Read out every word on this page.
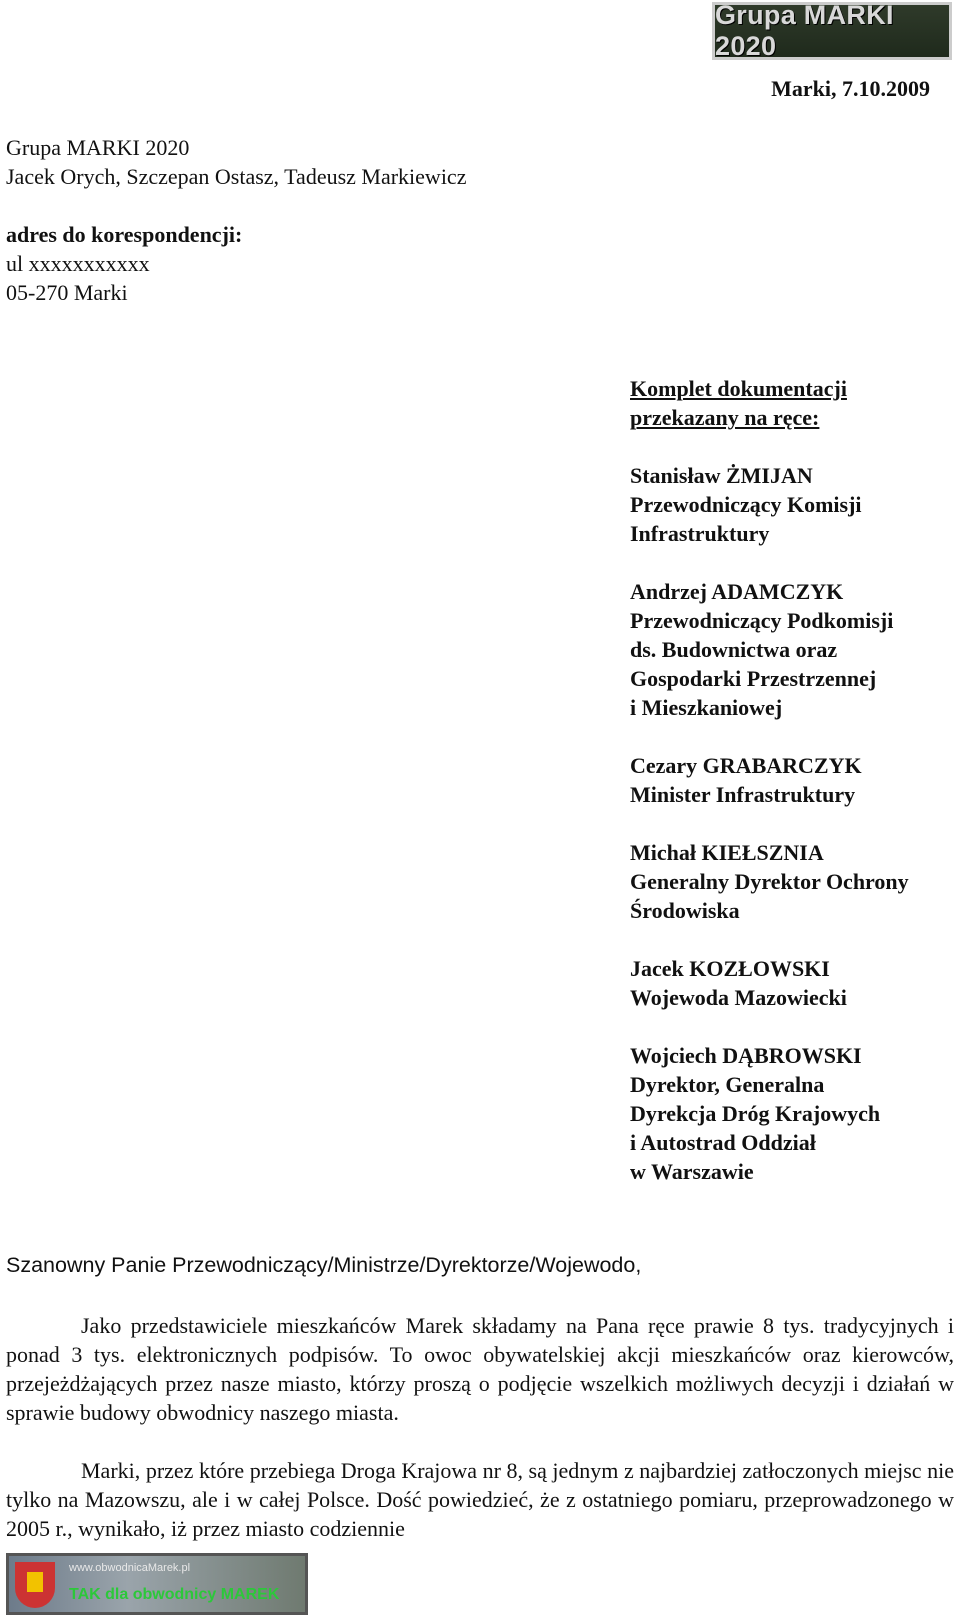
Grupa MARKI 2020
Marki, 7.10.2009
Grupa MARKI 2020
Jacek Orych, Szczepan Ostasz, Tadeusz Markiewicz
adres do korespondencji:
ul xxxxxxxxxxx
05-270 Marki
Komplet dokumentacji
przekazany na ręce:
Stanisław ŻMIJAN
Przewodniczący Komisji
Infrastruktury
Andrzej ADAMCZYK
Przewodniczący Podkomisji
ds. Budownictwa oraz
Gospodarki Przestrzennej
i Mieszkaniowej
Cezary GRABARCZYK
Minister Infrastruktury
Michał KIEŁSZNIA
Generalny Dyrektor Ochrony
Środowiska
Jacek KOZŁOWSKI
Wojewoda Mazowiecki
Wojciech DĄBROWSKI
Dyrektor, Generalna
Dyrekcja Dróg Krajowych
i Autostrad Oddział
w Warszawie
Szanowny Panie Przewodniczący/Ministrze/Dyrektorze/Wojewodo,

Jako przedstawiciele mieszkańców Marek składamy na Pana ręce prawie 8 tys. tradycyjnych i ponad 3 tys. elektronicznych podpisów. To owoc obywatelskiej akcji mieszkańców oraz kierowców, przejeżdżających przez nasze miasto, którzy proszą o podjęcie wszelkich możliwych decyzji i działań w sprawie budowy obwodnicy naszego miasta.

Marki, przez które przebiega Droga Krajowa nr 8, są jednym z najbardziej zatłoczonych miejsc nie tylko na Mazowszu, ale i w całej Polsce. Dość powiedzieć, że z ostatniego pomiaru, przeprowadzonego w 2005 r., wynikało, iż przez miasto codziennie

www.obwodnicaMarek.pl
TAK dla obwodnicy MAREK
